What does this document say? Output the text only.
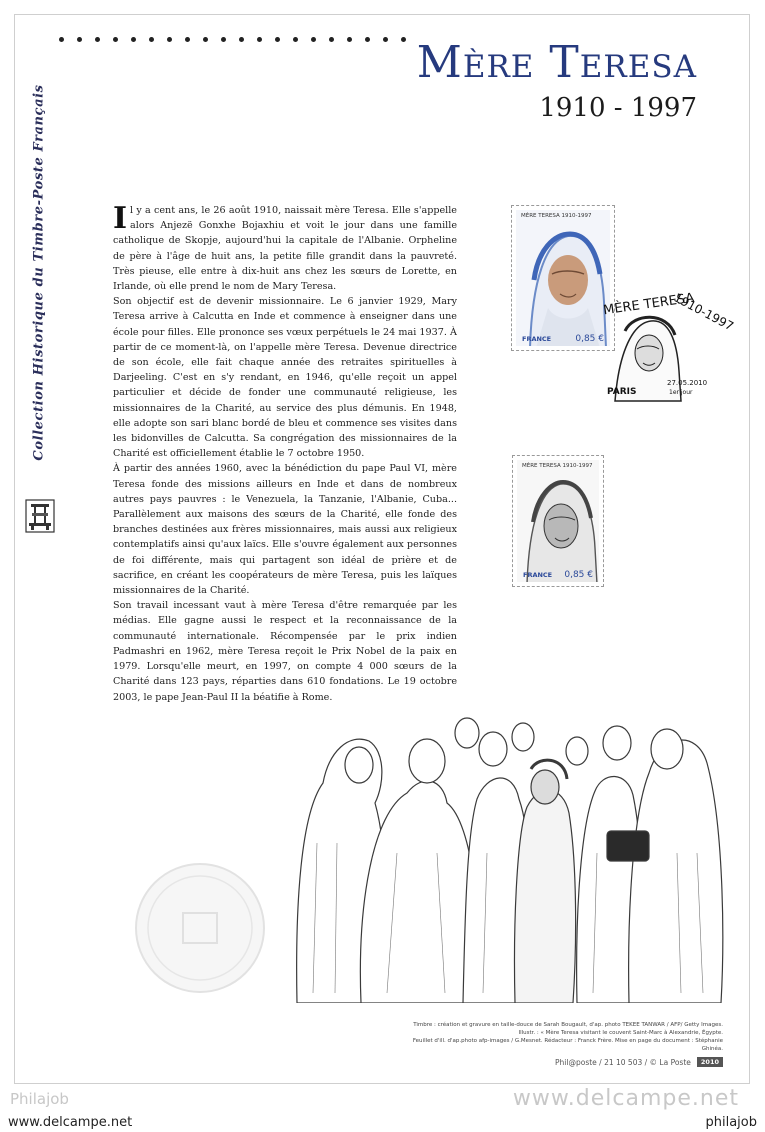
Collection Historique du Timbre-Poste Français
Mère Teresa
1910 - 1997

Il y a cent ans, le 26 août 1910, naissait mère Teresa. Elle s'appelle alors Anjezë Gonxhe Bojaxhiu et voit le jour dans une famille catholique de Skopje, aujourd'hui la capitale de l'Albanie. Orpheline de père à l'âge de huit ans, la petite fille grandit dans la pauvreté. Très pieuse, elle entre à dix-huit ans chez les sœurs de Lorette, en Irlande, où elle prend le nom de Mary Teresa.

Son objectif est de devenir missionnaire. Le 6 janvier 1929, Mary Teresa arrive à Calcutta en Inde et commence à enseigner dans une école pour filles. Elle prononce ses vœux perpétuels le 24 mai 1937. À partir de ce moment-là, on l'appelle mère Teresa. Devenue directrice de son école, elle fait chaque année des retraites spirituelles à Darjeeling. C'est en s'y rendant, en 1946, qu'elle reçoit un appel particulier et décide de fonder une communauté religieuse, les missionnaires de la Charité, au service des plus démunis. En 1948, elle adopte son sari blanc bordé de bleu et commence ses visites dans les bidonvilles de Calcutta. Sa congrégation des missionnaires de la Charité est officiellement établie le 7 octobre 1950.

À partir des années 1960, avec la bénédiction du pape Paul VI, mère Teresa fonde des missions ailleurs en Inde et dans de nombreux autres pays pauvres : le Venezuela, la Tanzanie, l'Albanie, Cuba... Parallèlement aux maisons des sœurs de la Charité, elle fonde des branches destinées aux frères missionnaires, mais aussi aux religieux contemplatifs ainsi qu'aux laïcs. Elle s'ouvre également aux personnes de foi différente, mais qui partagent son idéal de prière et de sacrifice, en créant les coopérateurs de mère Teresa, puis les laïques missionnaires de la Charité.

Son travail incessant vaut à mère Teresa d'être remarquée par les médias. Elle gagne aussi le respect et la reconnaissance de la communauté internationale. Récompensée par le prix indien Padmashri en 1962, mère Teresa reçoit le Prix Nobel de la paix en 1979. Lorsqu'elle meurt, en 1997, on compte 4 000 sœurs de la Charité dans 123 pays, réparties dans 610 fondations. Le 19 octobre 2003, le pape Jean-Paul II la béatifie à Rome.

MÈRE TERESA 1910-1997
FRANCE	0,85 €
MÈRE TERESA
1910-1997
27.05.2010
PARIS	1er jour
MÈRE TERESA 1910-1997
FRANCE 0,85 €
Timbre : création et gravure en taille-douce de Sarah Bougault, d'ap. photo TEKEE TANWAR / AFP/ Getty Images.
Illustr. : « Mère Teresa visitant le couvent Saint-Marc à Alexandrie, Égypte.
Feuillet d'ill. d'ap.photo afp-images / G.Mesnet. Rédacteur : Franck Frère. Mise en page du document : Stéphanie Ghinéa.
Phil@poste / 21 10 503 / © La Poste	2010
Philajob	www.delcampe.net
www.delcampe.net	philajob
